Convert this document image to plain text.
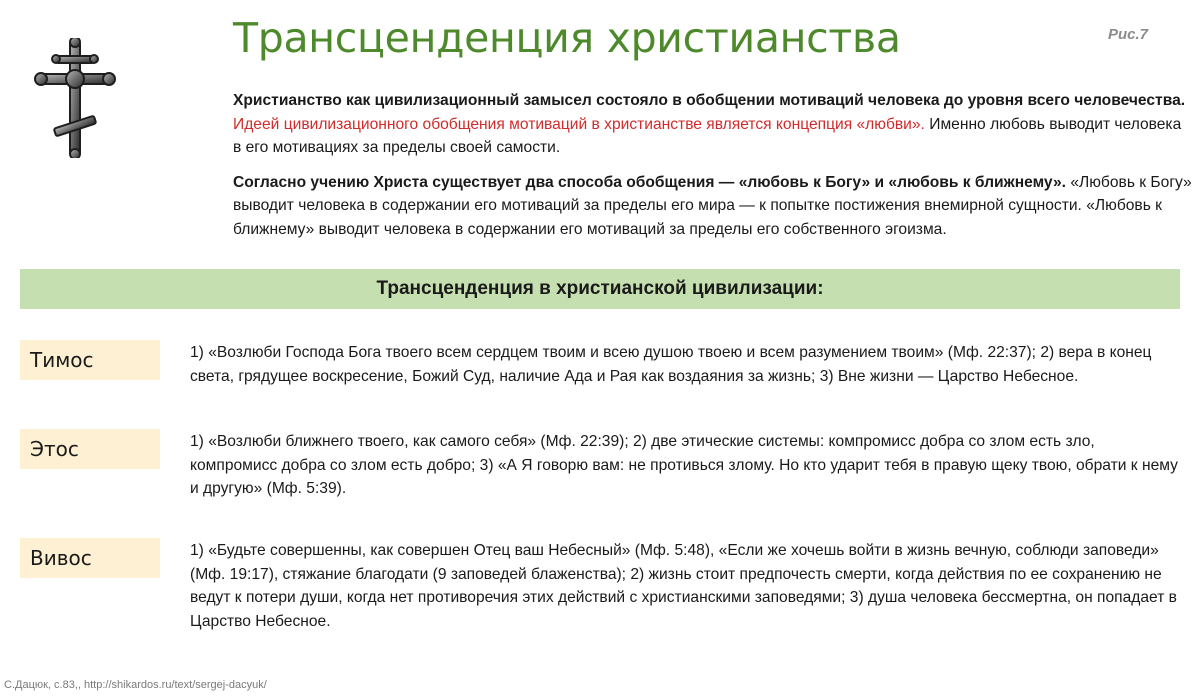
Трансценденция христианства	Рис.7

Христианство как цивилизационный замысел состояло в обобщении мотиваций человека до уровня всего человечества. Идеей цивилизационного обобщения мотиваций в христианстве является концепция «любви». Именно любовь выводит человека в его мотивациях за пределы своей самости.

Согласно учению Христа существует два способа обобщения — «любовь к Богу» и «любовь к ближнему». «Любовь к Богу» выводит человека в содержании его мотиваций за пределы его мира — к попытке постижения внемирной сущности. «Любовь к ближнему» выводит человека в содержании его мотиваций за пределы его собственного эгоизма.

Трансценденция в христианской цивилизации:
Тимос	1) «Возлюби Господа Бога твоего всем сердцем твоим и всею душою твоею и всем разумением твоим» (Мф. 22:37); 2) вера в конец света, грядущее воскресение, Божий Суд, наличие Ада и Рая как воздаяния за жизнь; 3) Вне жизни — Царство Небесное.
Этос	1) «Возлюби ближнего твоего, как самого себя» (Мф. 22:39); 2) две этические системы: компромисс добра со злом есть зло, компромисс добра со злом есть добро; 3) «А Я говорю вам: не противься злому. Но кто ударит тебя в правую щеку твою, обрати к нему и другую» (Мф. 5:39).
Вивос	1) «Будьте совершенны, как совершен Отец ваш Небесный» (Мф. 5:48), «Если же хочешь войти в жизнь вечную, соблюди заповеди» (Мф. 19:17), стяжание благодати (9 заповедей блаженства); 2) жизнь стоит предпочесть смерти, когда действия по ее сохранению не ведут к потери души, когда нет противоречия этих действий с христианскими заповедями; 3) душа человека бессмертна, он попадает в Царство Небесное.
С.Дацюк, с.83,, http://shikardos.ru/text/sergej-dacyuk/
